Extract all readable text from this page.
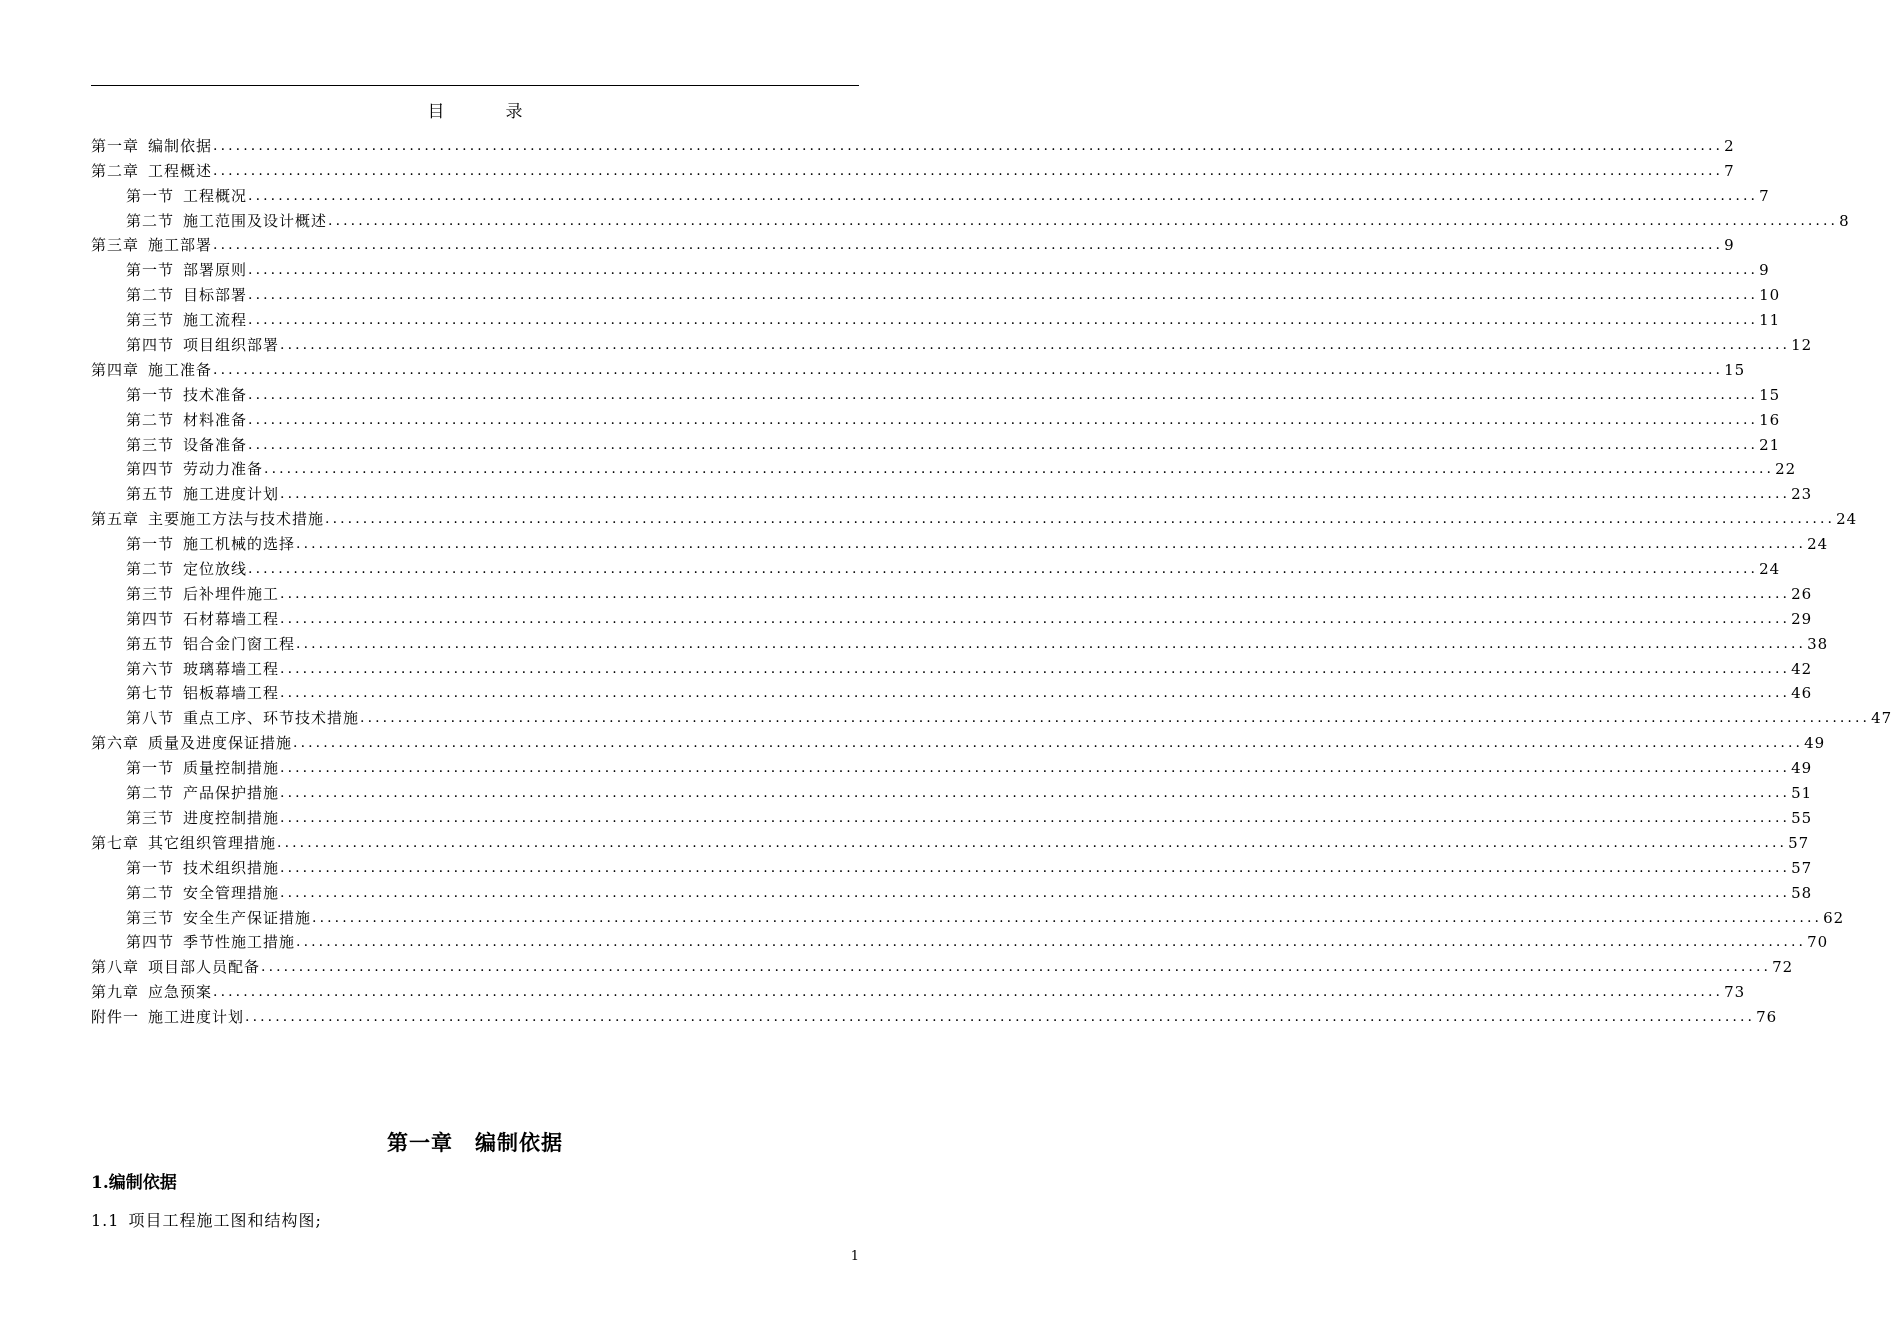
目　录
第一章 编制依据 ........................................................................................................................................................................................................ 2
第二章 工程概述 ........................................................................................................................................................................................................ 7
第一节 工程概况 ........................................................................................................................................................................................................ 7
第二节 施工范围及设计概述 ........................................................................................................................................................................................................ 8
第三章 施工部署 ........................................................................................................................................................................................................ 9
第一节 部署原则 ........................................................................................................................................................................................................ 9
第二节 目标部署 ........................................................................................................................................................................................................ 10
第三节 施工流程 ........................................................................................................................................................................................................ 11
第四节 项目组织部署 ........................................................................................................................................................................................................ 12
第四章 施工准备 ........................................................................................................................................................................................................ 15
第一节 技术准备 ........................................................................................................................................................................................................ 15
第二节 材料准备 ........................................................................................................................................................................................................ 16
第三节 设备准备 ........................................................................................................................................................................................................ 21
第四节 劳动力准备 ........................................................................................................................................................................................................ 22
第五节 施工进度计划 ........................................................................................................................................................................................................ 23
第五章 主要施工方法与技术措施 ........................................................................................................................................................................................................ 24
第一节 施工机械的选择 ........................................................................................................................................................................................................ 24
第二节 定位放线 ........................................................................................................................................................................................................ 24
第三节 后补埋件施工 ........................................................................................................................................................................................................ 26
第四节 石材幕墙工程 ........................................................................................................................................................................................................ 29
第五节 铝合金门窗工程 ........................................................................................................................................................................................................ 38
第六节 玻璃幕墙工程 ........................................................................................................................................................................................................ 42
第七节 铝板幕墙工程 ........................................................................................................................................................................................................ 46
第八节 重点工序、环节技术措施 ........................................................................................................................................................................................................ 47
第六章 质量及进度保证措施 ........................................................................................................................................................................................................ 49
第一节 质量控制措施 ........................................................................................................................................................................................................ 49
第二节 产品保护措施 ........................................................................................................................................................................................................ 51
第三节 进度控制措施 ........................................................................................................................................................................................................ 55
第七章 其它组织管理措施 ........................................................................................................................................................................................................ 57
第一节 技术组织措施 ........................................................................................................................................................................................................ 57
第二节 安全管理措施 ........................................................................................................................................................................................................ 58
第三节 安全生产保证措施 ........................................................................................................................................................................................................ 62
第四节 季节性施工措施 ........................................................................................................................................................................................................ 70
第八章 项目部人员配备 ........................................................................................................................................................................................................ 72
第九章 应急预案 ........................................................................................................................................................................................................ 73
附件一 施工进度计划 ........................................................................................................................................................................................................ 76
第一章　编制依据
1.编制依据
1.1 项目工程施工图和结构图;
1
